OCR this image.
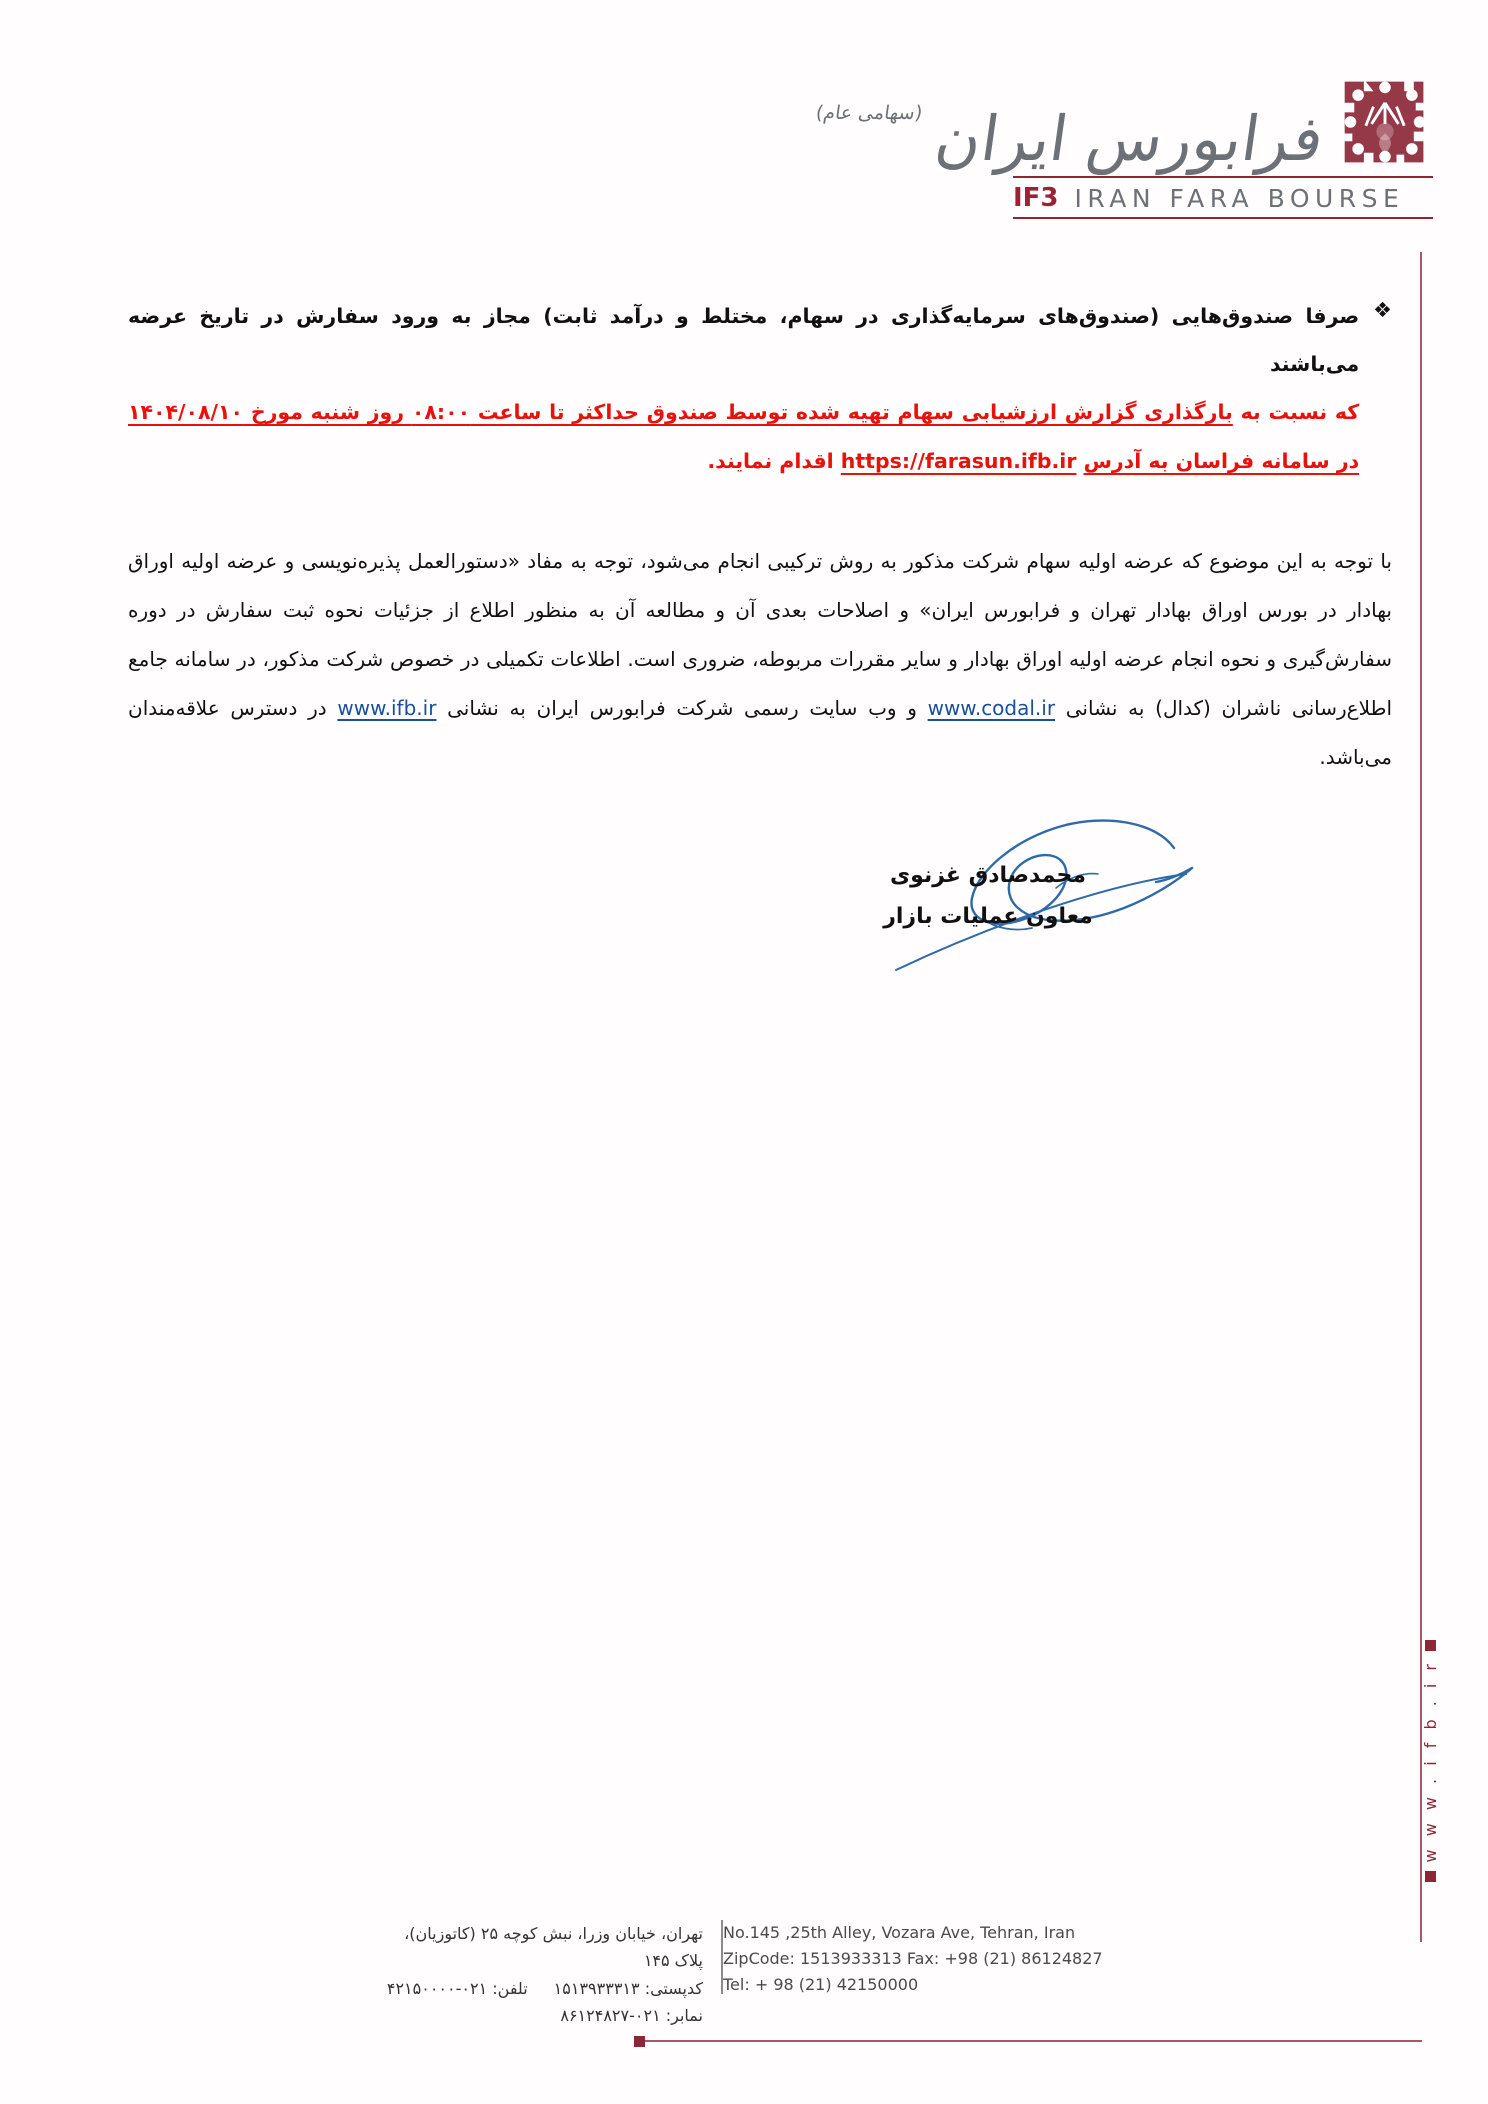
(سهامی عام) فرابورس ایران
IF3 IRAN FARA BOURSE
w w w . i f b . i r
❖
صرفا صندوق‌هایی (صندوق‌های سرمایه‌گذاری در سهام، مختلط و درآمد ثابت) مجاز به ورود سفارش در تاریخ عرضه می‌باشند
که نسبت به بارگذاری گزارش ارزشیابی سهام تهیه شده توسط صندوق حداکثر تا ساعت ۰۸:۰۰ روز شنبه مورخ ۱۴۰۴/۰۸/۱۰ در سامانه فراسان به آدرس https://farasun.ifb.ir اقدام نمایند.
با توجه به این موضوع که عرضه اولیه سهام شرکت مذکور به روش ترکیبی انجام می‌شود، توجه به مفاد «دستورالعمل پذیره‌نویسی و عرضه اولیه اوراق بهادار در بورس اوراق بهادار تهران و فرابورس ایران» و اصلاحات بعدی آن و مطالعه آن به منظور اطلاع از جزئیات نحوه ثبت سفارش در دوره سفارش‌گیری و نحوه انجام عرضه اولیه اوراق بهادار و سایر مقررات مربوطه، ضروری است. اطلاعات تکمیلی در خصوص شرکت مذکور، در سامانه جامع اطلاع‌رسانی ناشران (کدال) به نشانی www.codal.ir و وب سایت رسمی شرکت فرابورس ایران به نشانی www.ifb.ir در دسترس علاقه‌مندان می‌باشد.
محمدصادق غزنوی
معاون عملیات بازار
No.145 ,25th Alley, Vozara Ave, Tehran, Iran
ZipCode: 1513933313 Fax: +98 (21) 86124827
Tel: + 98 (21) 42150000
تهران، خیابان وزرا، نبش کوچه ۲۵ (کاتوزیان)، پلاک ۱۴۵
کدپستی: ۱۵۱۳۹۳۳۳۱۳
تلفن: ۰۲۱-۴۲۱۵۰۰۰۰
نمابر: ۰۲۱-۸۶۱۲۴۸۲۷
